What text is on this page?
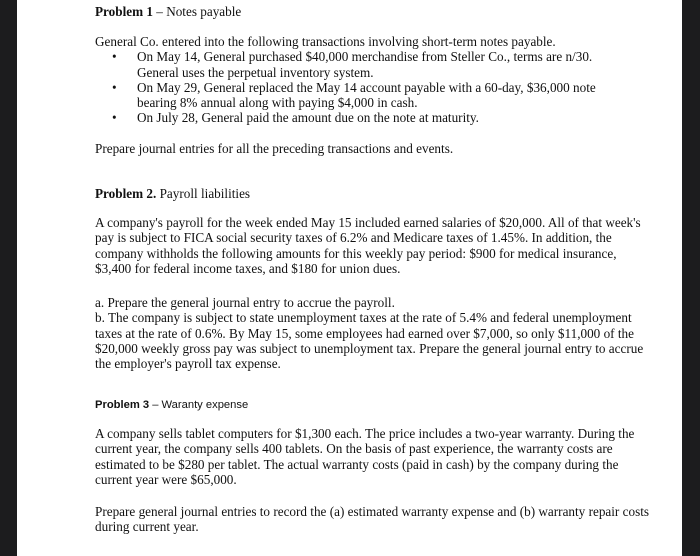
Problem 1 – Notes payable

General Co. entered into the following transactions involving short-term notes payable.

• On May 14, General purchased $40,000 merchandise from Steller Co., terms are n/30. General uses the perpetual inventory system.
• On May 29, General replaced the May 14 account payable with a 60-day, $36,000 note bearing 8% annual along with paying $4,000 in cash.
• On July 28, General paid the amount due on the note at maturity.

Prepare journal entries for all the preceding transactions and events.

Problem 2. Payroll liabilities

A company's payroll for the week ended May 15 included earned salaries of $20,000. All of that week's pay is subject to FICA social security taxes of 6.2% and Medicare taxes of 1.45%. In addition, the company withholds the following amounts for this weekly pay period: $900 for medical insurance, $3,400 for federal income taxes, and $180 for union dues.

a. Prepare the general journal entry to accrue the payroll.

b. The company is subject to state unemployment taxes at the rate of 5.4% and federal unemployment taxes at the rate of 0.6%. By May 15, some employees had earned over $7,000, so only $11,000 of the $20,000 weekly gross pay was subject to unemployment tax. Prepare the general journal entry to accrue the employer's payroll tax expense.

Problem 3 – Waranty expense

A company sells tablet computers for $1,300 each. The price includes a two-year warranty. During the current year, the company sells 400 tablets. On the basis of past experience, the warranty costs are estimated to be $280 per tablet. The actual warranty costs (paid in cash) by the company during the current year were $65,000.

Prepare general journal entries to record the (a) estimated warranty expense and (b) warranty repair costs during current year.
